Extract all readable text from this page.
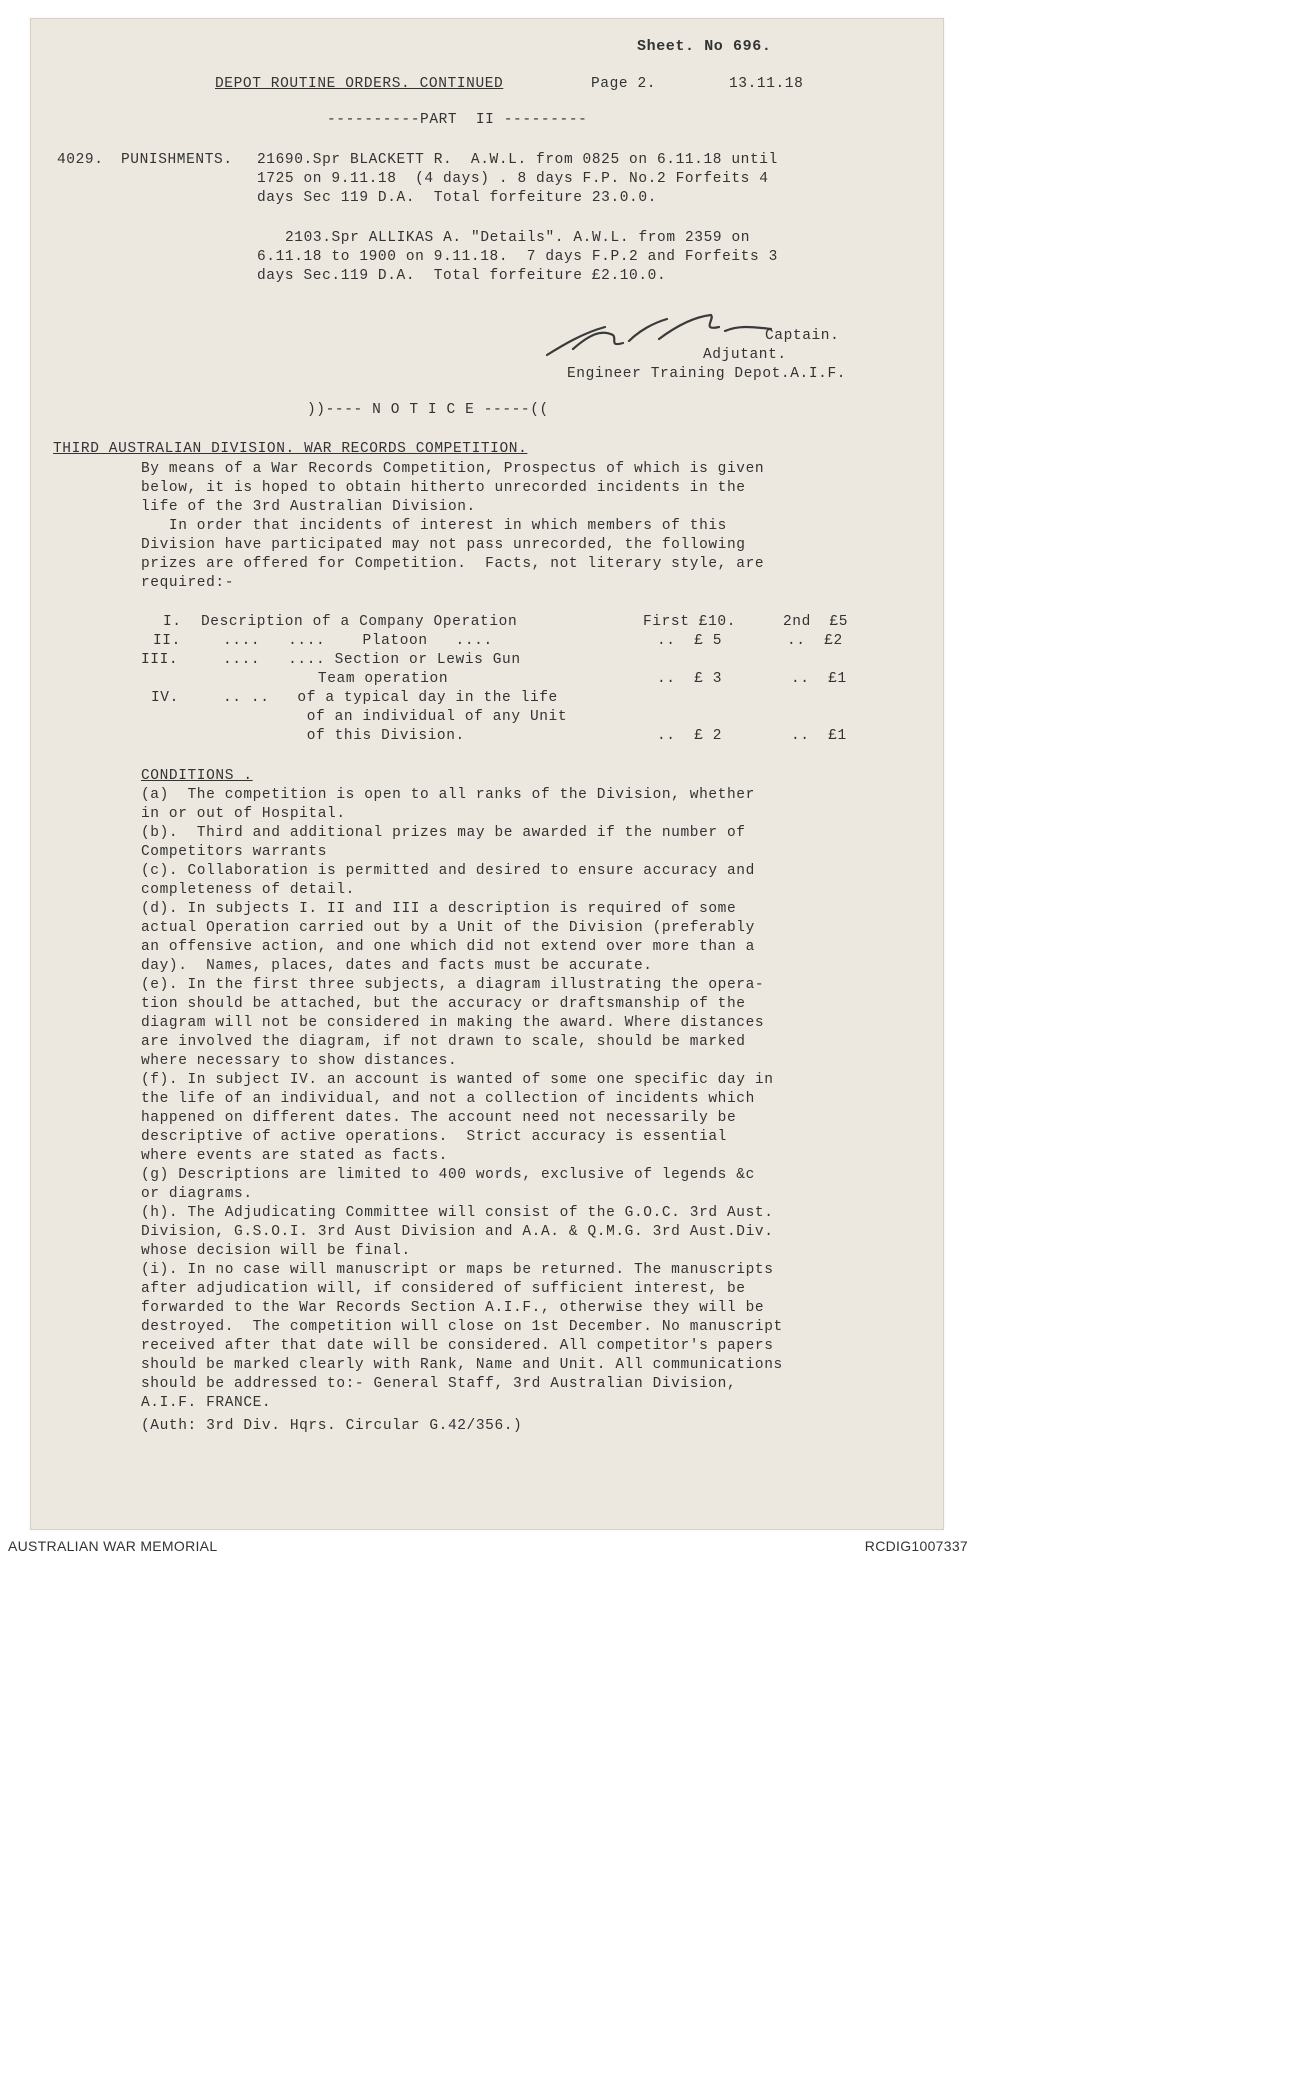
Sheet. No 696.
DEPOT ROUTINE ORDERS. CONTINUED	Page 2.	13.11.18
----------PART  II ---------
4029. PUNISHMENTS. 21690.Spr BLACKETT R.  A.W.L. from 0825 on 6.11.18 until
1725 on 9.11.18  (4 days) . 8 days F.P. No.2 Forfeits 4
days Sec 119 D.A.  Total forfeiture 23.0.0.
2103.Spr ALLIKAS A. "Details". A.W.L. from 2359 on
6.11.18 to 1900 on 9.11.18.  7 days F.P.2 and Forfeits 3
days Sec.119 D.A.  Total forfeiture £2.10.0.
Captain.
Adjutant.
Engineer Training Depot.A.I.F.
))---- N O T I C E -----((
THIRD AUSTRALIAN DIVISION. WAR RECORDS COMPETITION.
By means of a War Records Competition, Prospectus of which is given
below, it is hoped to obtain hitherto unrecorded incidents in the
life of the 3rd Australian Division.
In order that incidents of interest in which members of this
Division have participated may not pass unrecorded, the following
prizes are offered for Competition.  Facts, not literary style, are
required:-
I. Description of a Company Operation	First £10.	2nd  £5
II.	....   ....    Platoon   ....	..  £ 5	..  £2
III.	....   .... Section or Lewis Gun
Team operation	..  £ 3	..  £1
IV.	.. ..   of a typical day in the life
of an individual of any Unit
of this Division.	..  £ 2	..  £1
CONDITIONS .
(a)  The competition is open to all ranks of the Division, whether
in or out of Hospital.
(b).  Third and additional prizes may be awarded if the number of
Competitors warrants
(c). Collaboration is permitted and desired to ensure accuracy and
completeness of detail.
(d). In subjects I. II and III a description is required of some
actual Operation carried out by a Unit of the Division (preferably
an offensive action, and one which did not extend over more than a
day).  Names, places, dates and facts must be accurate.
(e). In the first three subjects, a diagram illustrating the opera-
tion should be attached, but the accuracy or draftsmanship of the
diagram will not be considered in making the award. Where distances
are involved the diagram, if not drawn to scale, should be marked
where necessary to show distances.
(f). In subject IV. an account is wanted of some one specific day in
the life of an individual, and not a collection of incidents which
happened on different dates. The account need not necessarily be
descriptive of active operations.  Strict accuracy is essential
where events are stated as facts.
(g) Descriptions are limited to 400 words, exclusive of legends &c
or diagrams.
(h). The Adjudicating Committee will consist of the G.O.C. 3rd Aust.
Division, G.S.O.I. 3rd Aust Division and A.A. & Q.M.G. 3rd Aust.Div.
whose decision will be final.
(i). In no case will manuscript or maps be returned. The manuscripts
after adjudication will, if considered of sufficient interest, be
forwarded to the War Records Section A.I.F., otherwise they will be
destroyed.  The competition will close on 1st December. No manuscript
received after that date will be considered. All competitor's papers
should be marked clearly with Rank, Name and Unit. All communications
should be addressed to:- General Staff, 3rd Australian Division,
A.I.F. FRANCE.
(Auth: 3rd Div. Hqrs. Circular G.42/356.)
AUSTRALIAN WAR MEMORIAL	RCDIG1007337
